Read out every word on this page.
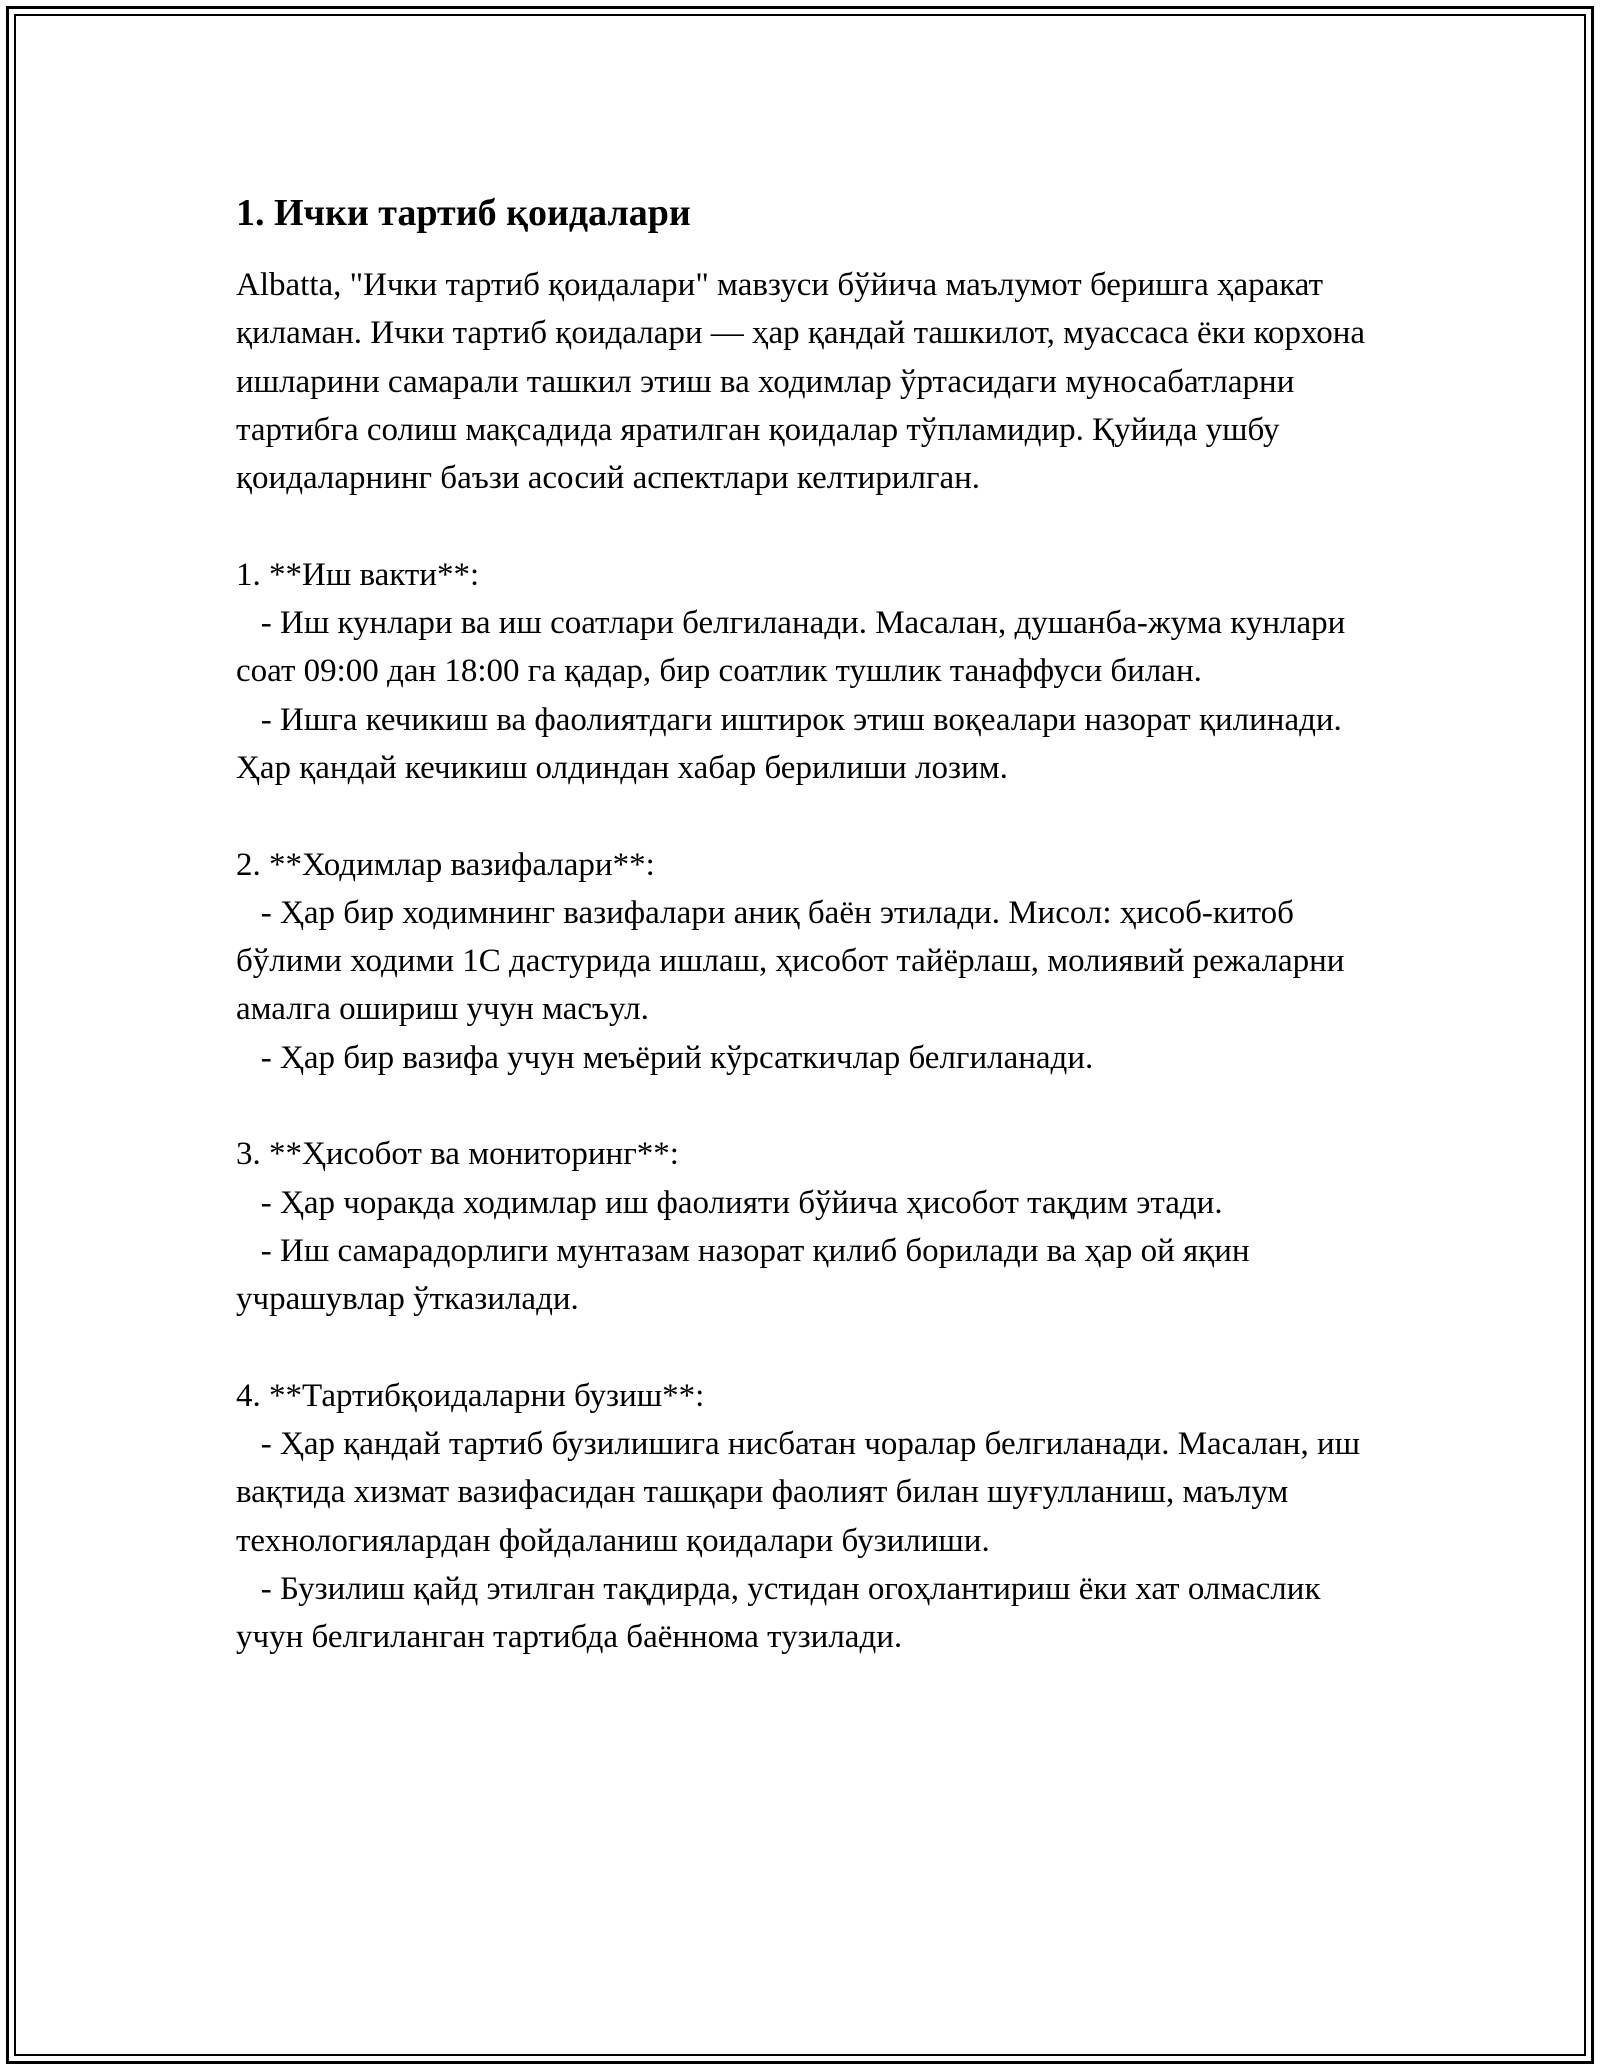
1. Ички тартиб қоидалари
Albatta, "Ички тартиб қоидалари" мавзуси бўйича маълумот беришга ҳаракат қиламан. Ички тартиб қоидалари — ҳар қандай ташкилот, муассаса ёки корхона ишларини самарали ташкил этиш ва ходимлар ўртасидаги муносабатларни тартибга солиш мақсадида яратилган қоидалар тўпламидир. Қуйида ушбу қоидаларнинг баъзи асосий аспектлари келтирилган.
1. **Иш вакти**:
- Иш кунлари ва иш соатлари белгиланади. Масалан, душанба-жума кунлари соат 09:00 дан 18:00 га қадар, бир соатлик тушлик танаффуси билан.
- Ишга кечикиш ва фаолиятдаги иштирок этиш воқеалари назорат қилинади. Ҳар қандай кечикиш олдиндан хабар берилиши лозим.
2. **Ходимлар вазифалари**:
- Ҳар бир ходимнинг вазифалари аниқ баён этилади. Мисол: ҳисоб-китоб бўлими ходими 1С дастурида ишлаш, ҳисобот тайёрлаш, молиявий режаларни амалга ошириш учун масъул.
- Ҳар бир вазифа учун меъёрий кўрсаткичлар белгиланади.
3. **Ҳисобот ва мониторинг**:
- Ҳар чоракда ходимлар иш фаолияти бўйича ҳисобот тақдим этади.
- Иш самарадорлиги мунтазам назорат қилиб борилади ва ҳар ой яқин учрашувлар ўтказилади.
4. **Тартибқоидаларни бузиш**:
- Ҳар қандай тартиб бузилишига нисбатан чоралар белгиланади. Масалан, иш вақтида хизмат вазифасидан ташқари фаолият билан шуғулланиш, маълум технологиялардан фойдаланиш қоидалари бузилиши.
- Бузилиш қайд этилган тақдирда, устидан огоҳлантириш ёки хат олмаслик учун белгиланган тартибда баённома тузилади.
